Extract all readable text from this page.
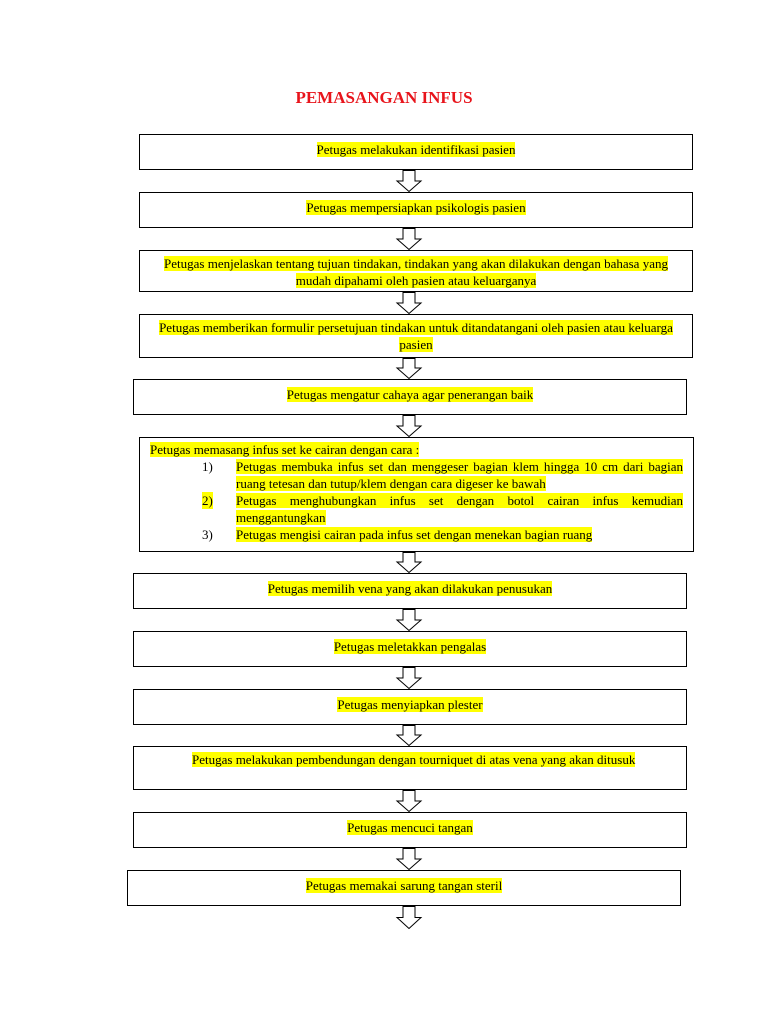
PEMASANGAN INFUS
Petugas melakukan identifikasi pasien
Petugas mempersiapkan psikologis pasien
Petugas menjelaskan tentang tujuan tindakan, tindakan yang akan dilakukan dengan bahasa yang mudah dipahami oleh pasien atau keluarganya
Petugas memberikan formulir persetujuan tindakan untuk ditandatangani oleh pasien atau keluarga pasien
Petugas mengatur cahaya agar penerangan baik
Petugas memasang infus set ke cairan dengan cara :
1) Petugas membuka infus set dan menggeser bagian klem hingga 10 cm dari bagian ruang tetesan dan tutup/klem dengan cara digeser ke bawah
2) Petugas menghubungkan infus set dengan botol cairan infus kemudian menggantungkan
3) Petugas mengisi cairan pada infus set dengan menekan bagian ruang
Petugas memilih vena yang akan dilakukan penusukan
Petugas meletakkan pengalas
Petugas menyiapkan plester
Petugas melakukan pembendungan dengan tourniquet di atas vena yang akan ditusuk
Petugas mencuci tangan
Petugas memakai sarung tangan steril
